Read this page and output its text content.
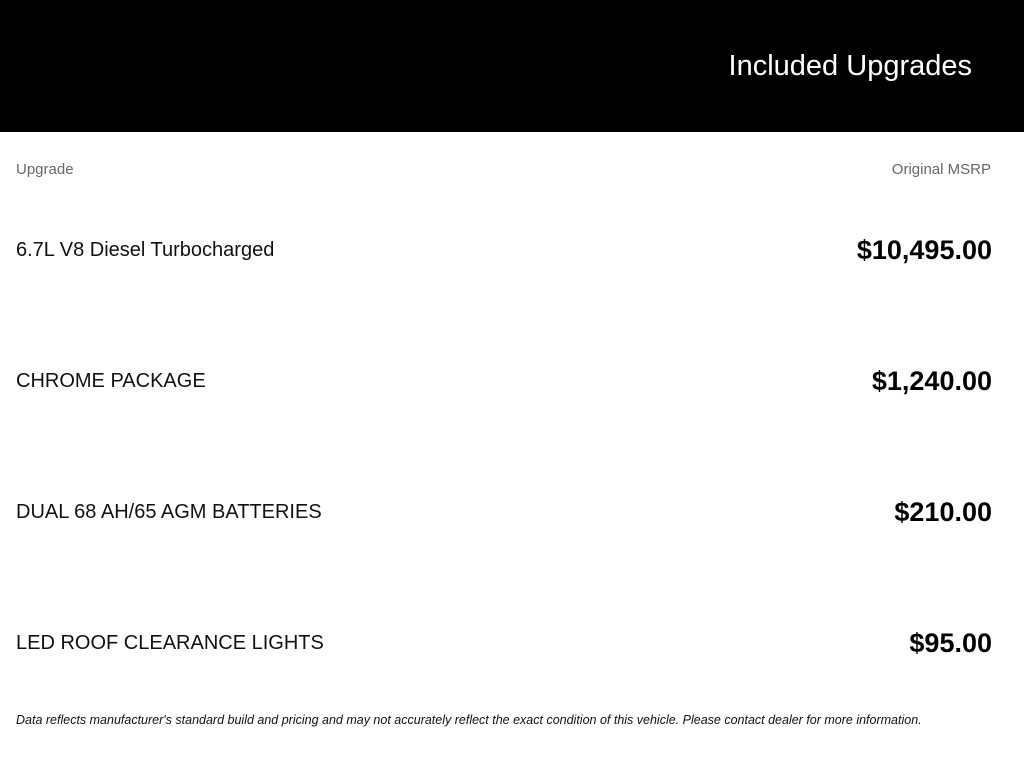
Included Upgrades
Upgrade	Original MSRP
6.7L V8 Diesel Turbocharged	$10,495.00
CHROME PACKAGE	$1,240.00
DUAL 68 AH/65 AGM BATTERIES	$210.00
LED ROOF CLEARANCE LIGHTS	$95.00

Data reflects manufacturer's standard build and pricing and may not accurately reflect the exact condition of this vehicle. Please contact dealer for more information.
